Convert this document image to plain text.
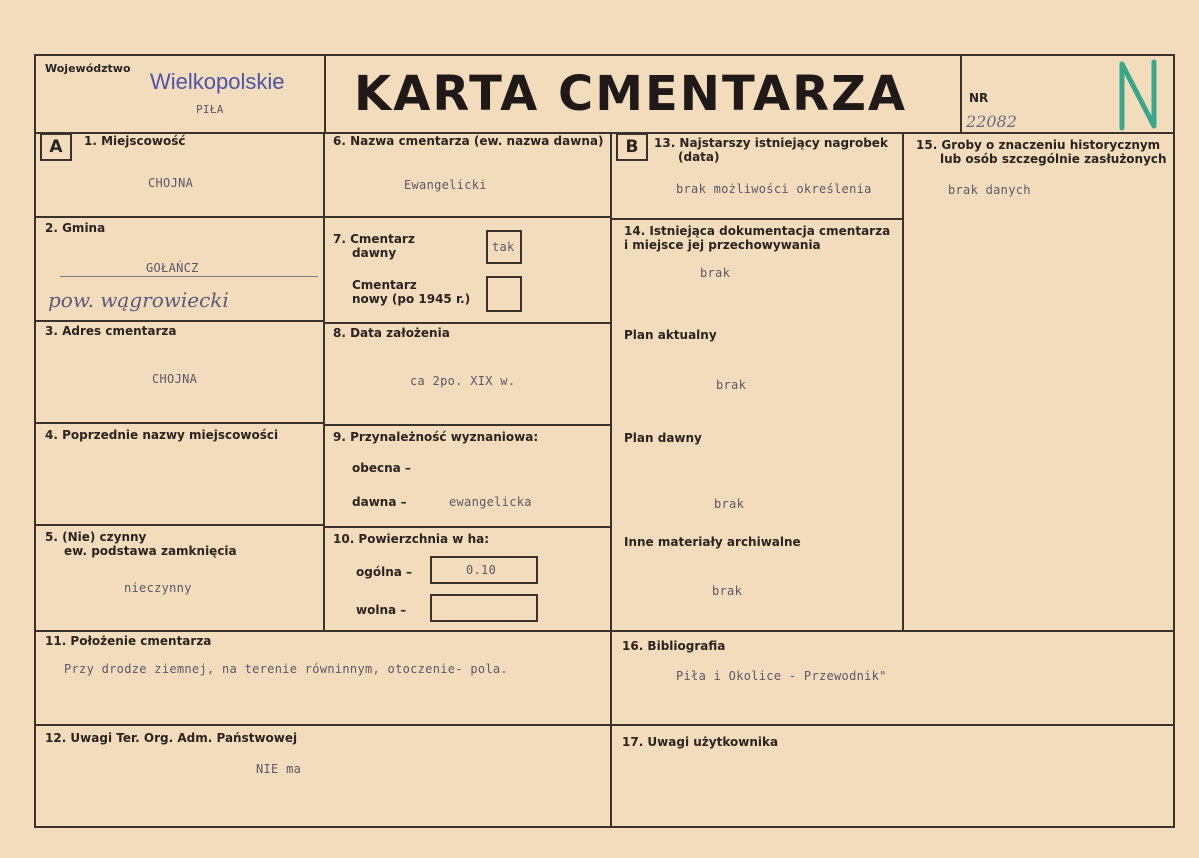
Województwo
Wielkopolskie
PIŁA	KARTA CMENTARZA	NR
22082
A	B
1. Miejscowość
CHOJNA
2. Gmina
GOŁAŃCZ
pow. wągrowiecki
3. Adres cmentarza
CHOJNA
4. Poprzednie nazwy miejscowości
5. (Nie) czynny
ew. podstawa zamknięcia
nieczynny
6. Nazwa cmentarza (ew. nazwa dawna)
Ewangelicki
7. Cmentarz
dawny	tak
Cmentarz
nowy (po 1945 r.)
8. Data założenia
ca 2po. XIX w.
9. Przynależność wyznaniowa:
obecna –
dawna –	ewangelicka
10. Powierzchnia w ha:
ogólna –	0.10
wolna –
11. Położenie cmentarza
Przy drodze ziemnej, na terenie równinnym, otoczenie- pola.
12. Uwagi Ter. Org. Adm. Państwowej
NIE ma
13. Najstarszy istniejący nagrobek
(data)
brak możliwości określenia
14. Istniejąca dokumentacja cmentarza
i miejsce jej przechowywania
brak
Plan aktualny
brak
Plan dawny
brak
Inne materiały archiwalne
brak
15. Groby o znaczeniu historycznym
lub osób szczególnie zasłużonych
brak danych
16. Bibliografia
Piła i Okolice - Przewodnik"
17. Uwagi użytkownika
